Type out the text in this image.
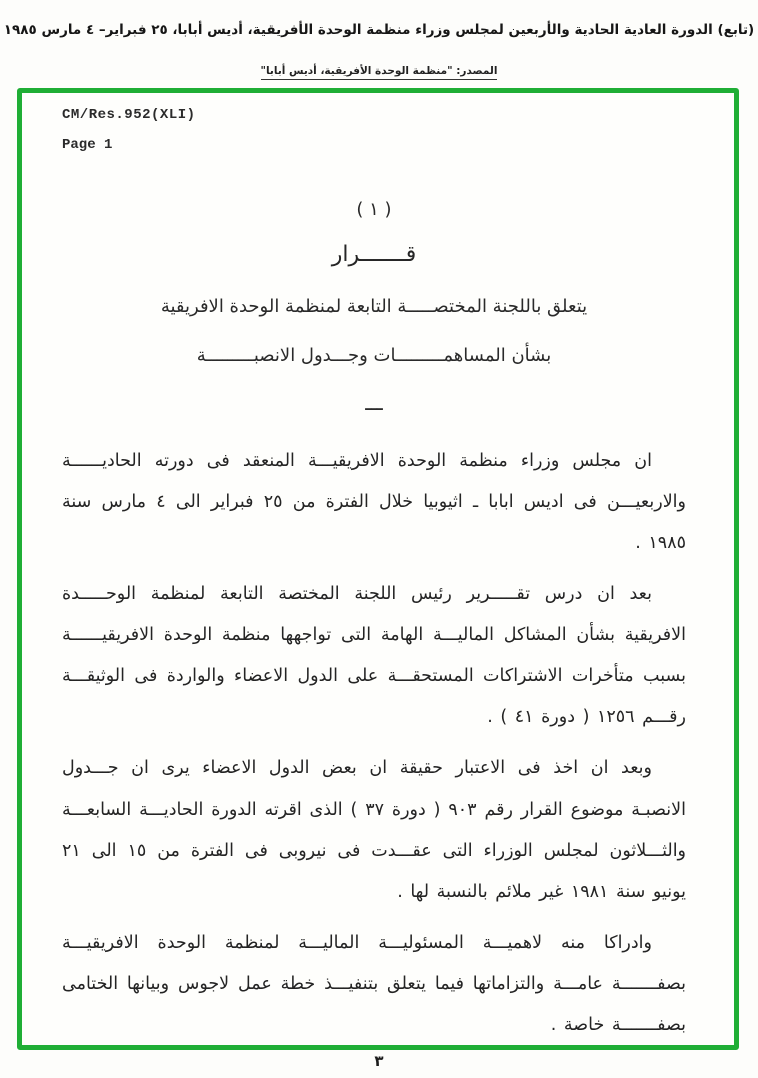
(تابع) الدورة العادية الحادية والأربعين لمجلس وزراء منظمة الوحدة الأفريقية، أديس أبابا، ٢٥ فبراير– ٤ مارس ١٩٨٥

المصدر: "منظمة الوحدة الأفريقية، أديس أبابا"
CM/Res.952(XLI)
Page 1
( ١ )
قـــــــرار
يتعلق باللجنة المختصـــــة التابعة لمنظمة الوحدة الافريقية
بشأن المساهمـــــــــات وجـــدول الانصبـــــــــة
ـــ

ان مجلس وزراء منظمة الوحدة الافريقيـــة المنعقد فى دورته الحاديــــــة والاربعيـــن فى اديس ابابا ـ اثيوبيا خلال الفترة من ٢٥ فبراير الى ٤ مارس سنة ١٩٨٥ .

بعد ان درس تقـــــرير رئيس اللجنة المختصة التابعة لمنظمة الوحـــــدة الافريقية بشأن المشاكل الماليـــة الهامة التى تواجهها منظمة الوحدة الافريقيــــــة بسبب متأخرات الاشتراكات المستحقـــة على الدول الاعضاء والواردة فى الوثيقـــة رقـــم ١٢٥٦ ( دورة ٤١ ) .

وبعد ان اخذ فى الاعتبار حقيقة ان بعض الدول الاعضاء يرى ان جـــدول الانصبـة موضوع القرار رقم ٩٠٣ ( دورة ٣٧ ) الذى اقرته الدورة الحاديـــة السابعـــة والثـــلاثون لمجلس الوزراء التى عقـــدت فى نيروبى فى الفترة من ١٥ الى ٢١ يونيو سنة ١٩٨١ غير ملائم بالنسبة لها .

وادراكا منه لاهميـــة المسئوليـــة الماليـــة لمنظمة الوحدة الافريقيـــة بصفـــــــة عامـــة والتزاماتها فيما يتعلق بتنفيـــذ خطة عمل لاجوس وبيانها الختامى بصفـــــــة خاصة .

٣
